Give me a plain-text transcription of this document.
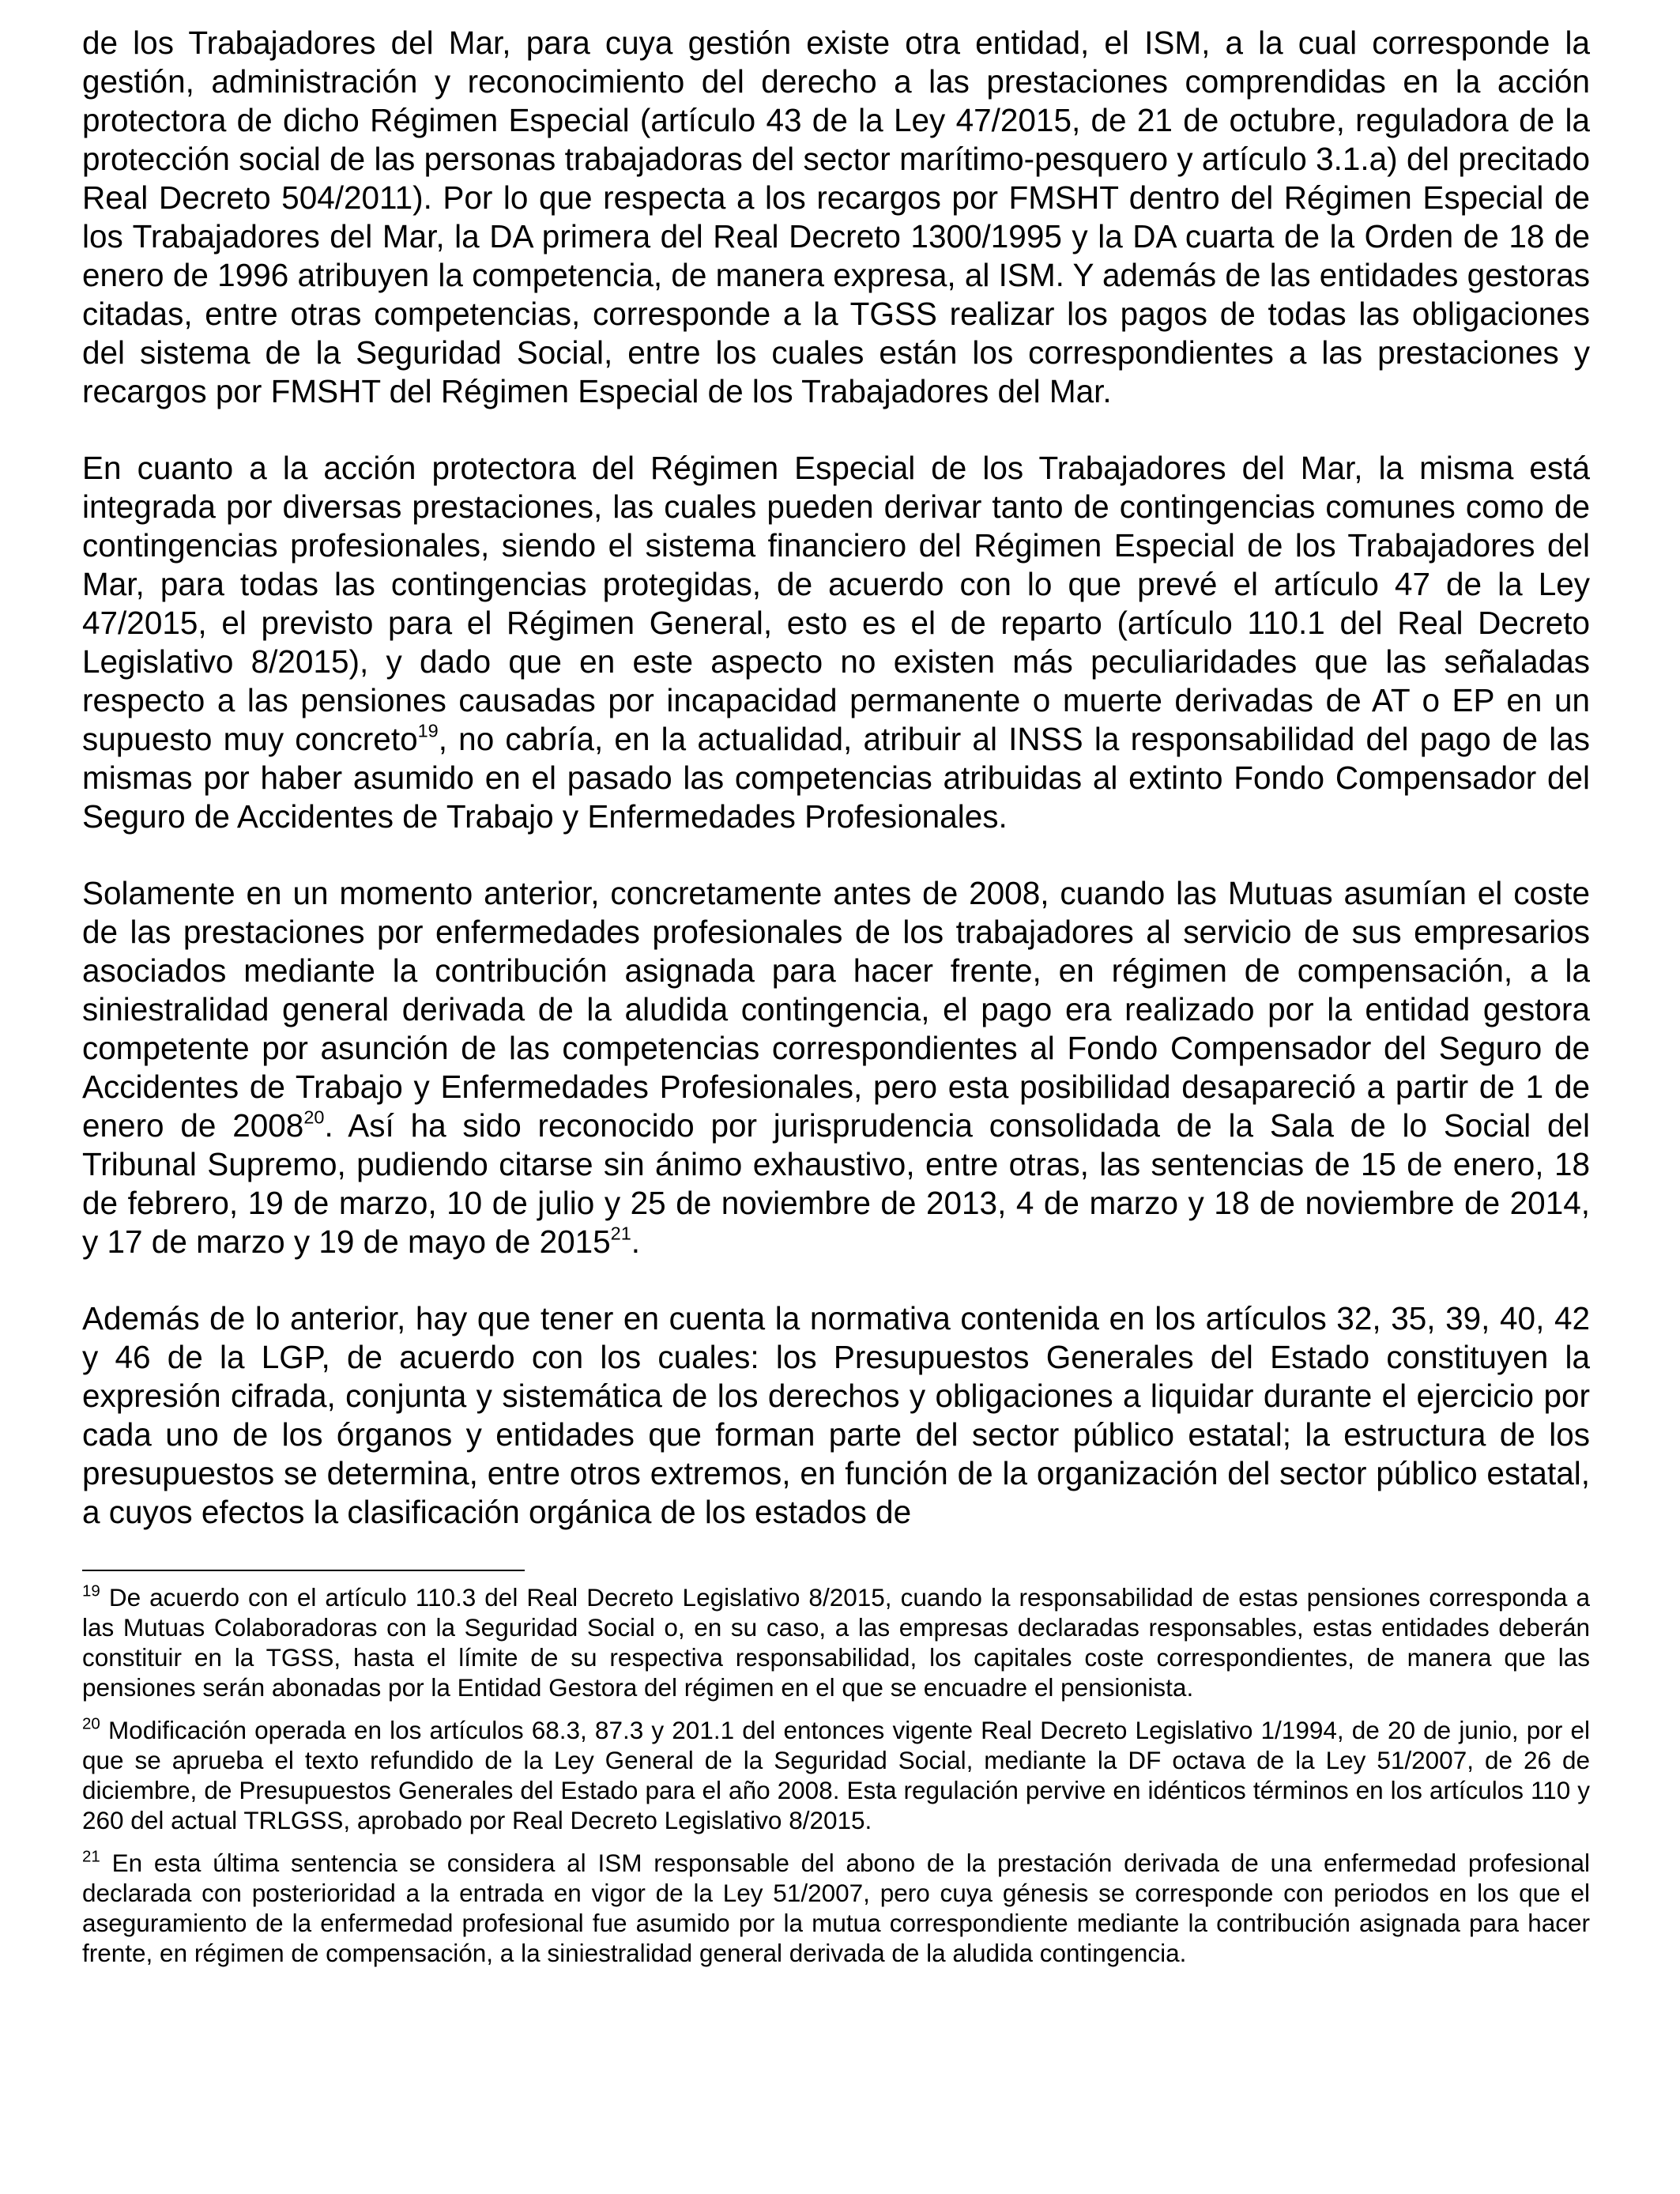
de los Trabajadores del Mar, para cuya gestión existe otra entidad, el ISM, a la cual corresponde la gestión, administración y reconocimiento del derecho a las prestaciones comprendidas en la acción protectora de dicho Régimen Especial (artículo 43 de la Ley 47/2015, de 21 de octubre, reguladora de la protección social de las personas trabajadoras del sector marítimo-pesquero y artículo 3.1.a) del precitado Real Decreto 504/2011). Por lo que respecta a los recargos por FMSHT dentro del Régimen Especial de los Trabajadores del Mar, la DA primera del Real Decreto 1300/1995 y la DA cuarta de la Orden de 18 de enero de 1996 atribuyen la competencia, de manera expresa, al ISM. Y además de las entidades gestoras citadas, entre otras competencias, corresponde a la TGSS realizar los pagos de todas las obligaciones del sistema de la Seguridad Social, entre los cuales están los correspondientes a las prestaciones y recargos por FMSHT del Régimen Especial de los Trabajadores del Mar.

En cuanto a la acción protectora del Régimen Especial de los Trabajadores del Mar, la misma está integrada por diversas prestaciones, las cuales pueden derivar tanto de contingencias comunes como de contingencias profesionales, siendo el sistema financiero del Régimen Especial de los Trabajadores del Mar, para todas las contingencias protegidas, de acuerdo con lo que prevé el artículo 47 de la Ley 47/2015, el previsto para el Régimen General, esto es el de reparto (artículo 110.1 del Real Decreto Legislativo 8/2015), y dado que en este aspecto no existen más peculiaridades que las señaladas respecto a las pensiones causadas por incapacidad permanente o muerte derivadas de AT o EP en un supuesto muy concreto$^{19}$, no cabría, en la actualidad, atribuir al INSS la responsabilidad del pago de las mismas por haber asumido en el pasado las competencias atribuidas al extinto Fondo Compensador del Seguro de Accidentes de Trabajo y Enfermedades Profesionales.

Solamente en un momento anterior, concretamente antes de 2008, cuando las Mutuas asumían el coste de las prestaciones por enfermedades profesionales de los trabajadores al servicio de sus empresarios asociados mediante la contribución asignada para hacer frente, en régimen de compensación, a la siniestralidad general derivada de la aludida contingencia, el pago era realizado por la entidad gestora competente por asunción de las competencias correspondientes al Fondo Compensador del Seguro de Accidentes de Trabajo y Enfermedades Profesionales, pero esta posibilidad desapareció a partir de 1 de enero de 2008$^{20}$. Así ha sido reconocido por jurisprudencia consolidada de la Sala de lo Social del Tribunal Supremo, pudiendo citarse sin ánimo exhaustivo, entre otras, las sentencias de 15 de enero, 18 de febrero, 19 de marzo, 10 de julio y 25 de noviembre de 2013, 4 de marzo y 18 de noviembre de 2014, y 17 de marzo y 19 de mayo de 2015$^{21}$.

Además de lo anterior, hay que tener en cuenta la normativa contenida en los artículos 32, 35, 39, 40, 42 y 46 de la LGP, de acuerdo con los cuales: los Presupuestos Generales del Estado constituyen la expresión cifrada, conjunta y sistemática de los derechos y obligaciones a liquidar durante el ejercicio por cada uno de los órganos y entidades que forman parte del sector público estatal; la estructura de los presupuestos se determina, entre otros extremos, en función de la organización del sector público estatal, a cuyos efectos la clasificación orgánica de los estados de

$^{19}$ De acuerdo con el artículo 110.3 del Real Decreto Legislativo 8/2015, cuando la responsabilidad de estas pensiones corresponda a las Mutuas Colaboradoras con la Seguridad Social o, en su caso, a las empresas declaradas responsables, estas entidades deberán constituir en la TGSS, hasta el límite de su respectiva responsabilidad, los capitales coste correspondientes, de manera que las pensiones serán abonadas por la Entidad Gestora del régimen en el que se encuadre el pensionista.

$^{20}$ Modificación operada en los artículos 68.3, 87.3 y 201.1 del entonces vigente Real Decreto Legislativo 1/1994, de 20 de junio, por el que se aprueba el texto refundido de la Ley General de la Seguridad Social, mediante la DF octava de la Ley 51/2007, de 26 de diciembre, de Presupuestos Generales del Estado para el año 2008. Esta regulación pervive en idénticos términos en los artículos 110 y 260 del actual TRLGSS, aprobado por Real Decreto Legislativo 8/2015.

$^{21}$ En esta última sentencia se considera al ISM responsable del abono de la prestación derivada de una enfermedad profesional declarada con posterioridad a la entrada en vigor de la Ley 51/2007, pero cuya génesis se corresponde con periodos en los que el aseguramiento de la enfermedad profesional fue asumido por la mutua correspondiente mediante la contribución asignada para hacer frente, en régimen de compensación, a la siniestralidad general derivada de la aludida contingencia.
